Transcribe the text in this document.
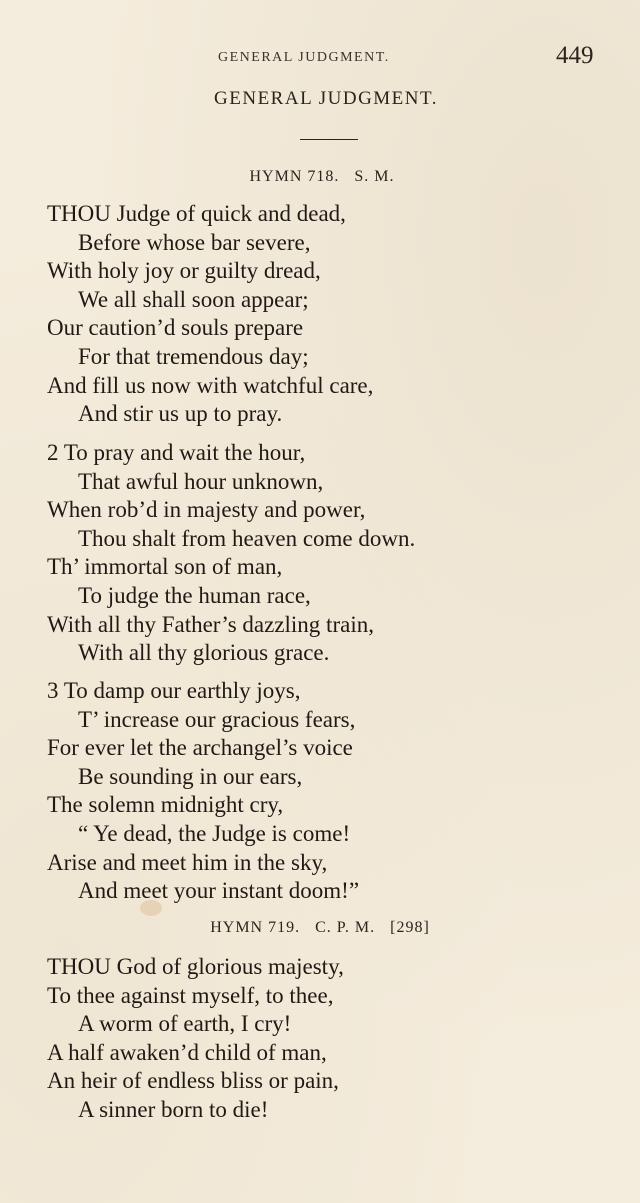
GENERAL JUDGMENT.	449
GENERAL JUDGMENT.
HYMN 718.   S. M.
THOU Judge of quick and dead,
Before whose bar severe,
With holy joy or guilty dread,
We all shall soon appear;
Our caution’d souls prepare
For that tremendous day;
And fill us now with watchful care,
And stir us up to pray.
2 To pray and wait the hour,
That awful hour unknown,
When rob’d in majesty and power,
Thou shalt from heaven come down.
Th’ immortal son of man,
To judge the human race,
With all thy Father’s dazzling train,
With all thy glorious grace.
3 To damp our earthly joys,
T’ increase our gracious fears,
For ever let the archangel’s voice
Be sounding in our ears,
The solemn midnight cry,
“ Ye dead, the Judge is come!
Arise and meet him in the sky,
And meet your instant doom!”
HYMN 719.   C. P. M.   [298]
THOU God of glorious majesty,
To thee against myself, to thee,
A worm of earth, I cry!
A half awaken’d child of man,
An heir of endless bliss or pain,
A sinner born to die!
